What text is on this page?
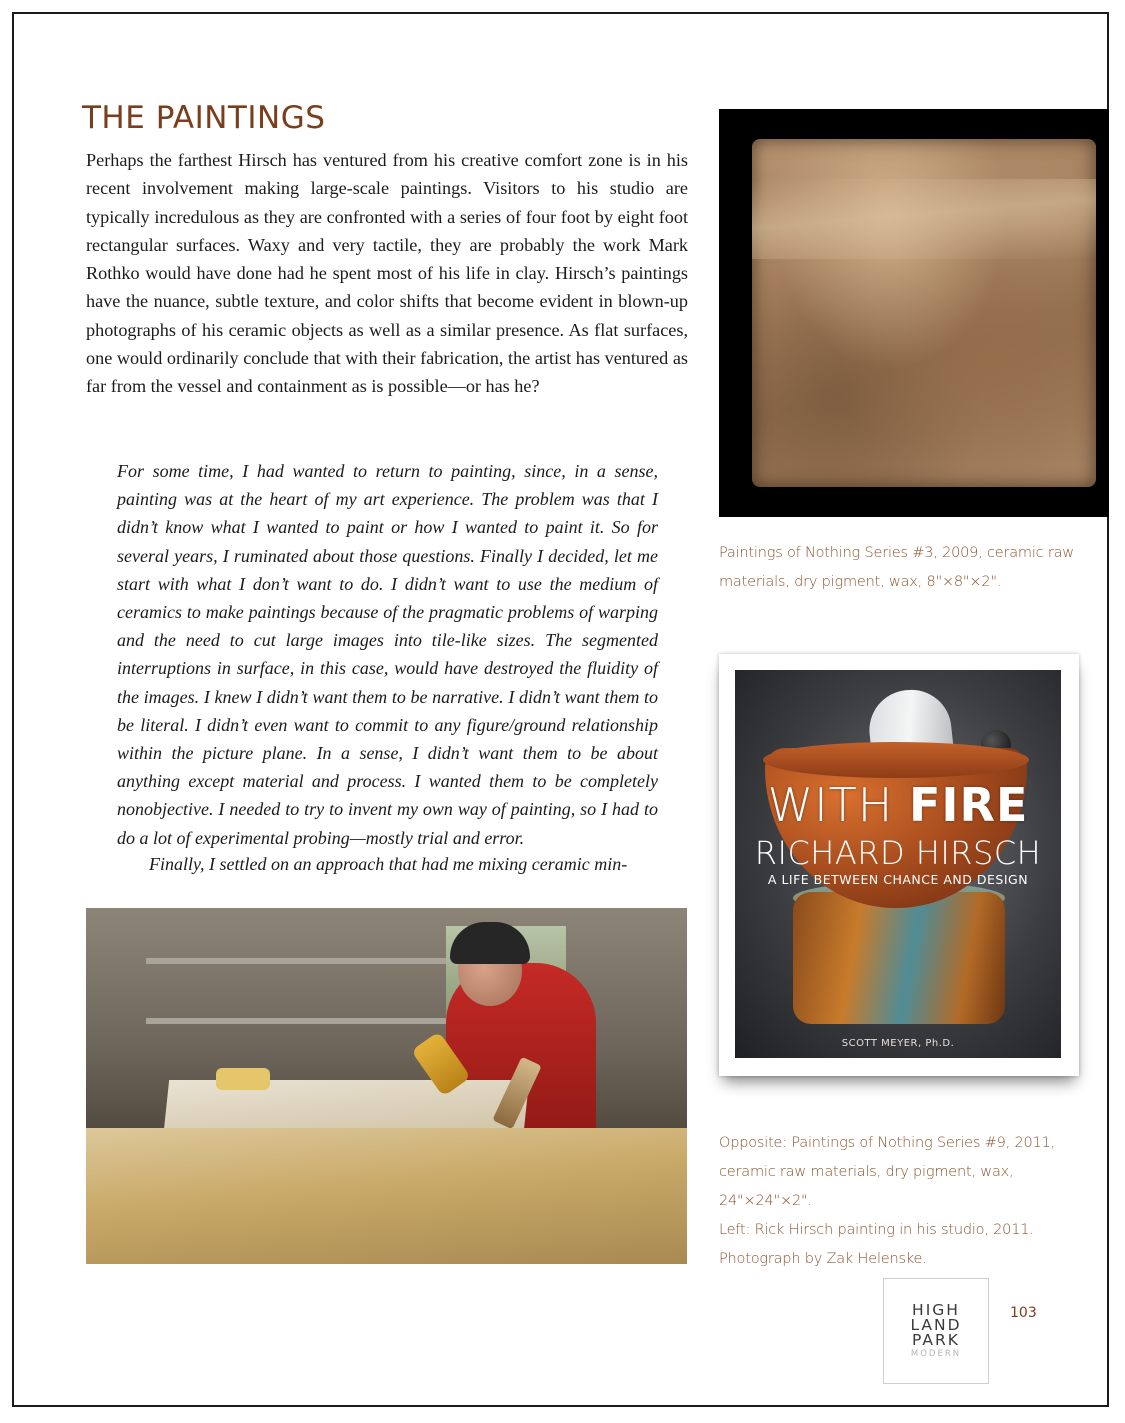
THE PAINTINGS

Perhaps the farthest Hirsch has ventured from his creative comfort zone is in his recent involvement making large-scale paintings. Visitors to his studio are typically incredulous as they are confronted with a series of four foot by eight foot rectangular surfaces. Waxy and very tactile, they are probably the work Mark Rothko would have done had he spent most of his life in clay. Hirsch’s paintings have the nuance, subtle texture, and color shifts that become evident in blown-up photographs of his ceramic objects as well as a similar presence. As flat surfaces, one would ordinarily conclude that with their fabrication, the artist has ventured as far from the vessel and containment as is possible—or has he?

For some time, I had wanted to return to painting, since, in a sense, painting was at the heart of my art experience. The problem was that I didn’t know what I wanted to paint or how I wanted to paint it. So for several years, I ruminated about those questions. Finally I decided, let me start with what I don’t want to do. I didn’t want to use the medium of ceramics to make paintings because of the pragmatic problems of warping and the need to cut large images into tile-like sizes. The segmented interruptions in surface, in this case, would have destroyed the fluidity of the images. I knew I didn’t want them to be narrative. I didn’t want them to be literal. I didn’t even want to commit to any figure/ground relationship within the picture plane. In a sense, I didn’t want them to be about anything except material and process. I wanted them to be completely nonobjective. I needed to try to invent my own way of painting, so I had to do a lot of experimental probing—mostly trial and error.

Finally, I settled on an approach that had me mixing ceramic min-

Paintings of Nothing Series #3, 2009, ceramic raw materials, dry pigment, wax, 8"×8"×2".

WITH FIRE
RICHARD HIRSCH
A LIFE BETWEEN CHANCE AND DESIGN
SCOTT MEYER, Ph.D.
Opposite: Paintings of Nothing Series #9, 2011, ceramic raw materials, dry pigment, wax, 24"×24"×2".
Left: Rick Hirsch painting in his studio, 2011. Photograph by Zak Helenske.
HIGH
LAND
PARK
MODERN
103
